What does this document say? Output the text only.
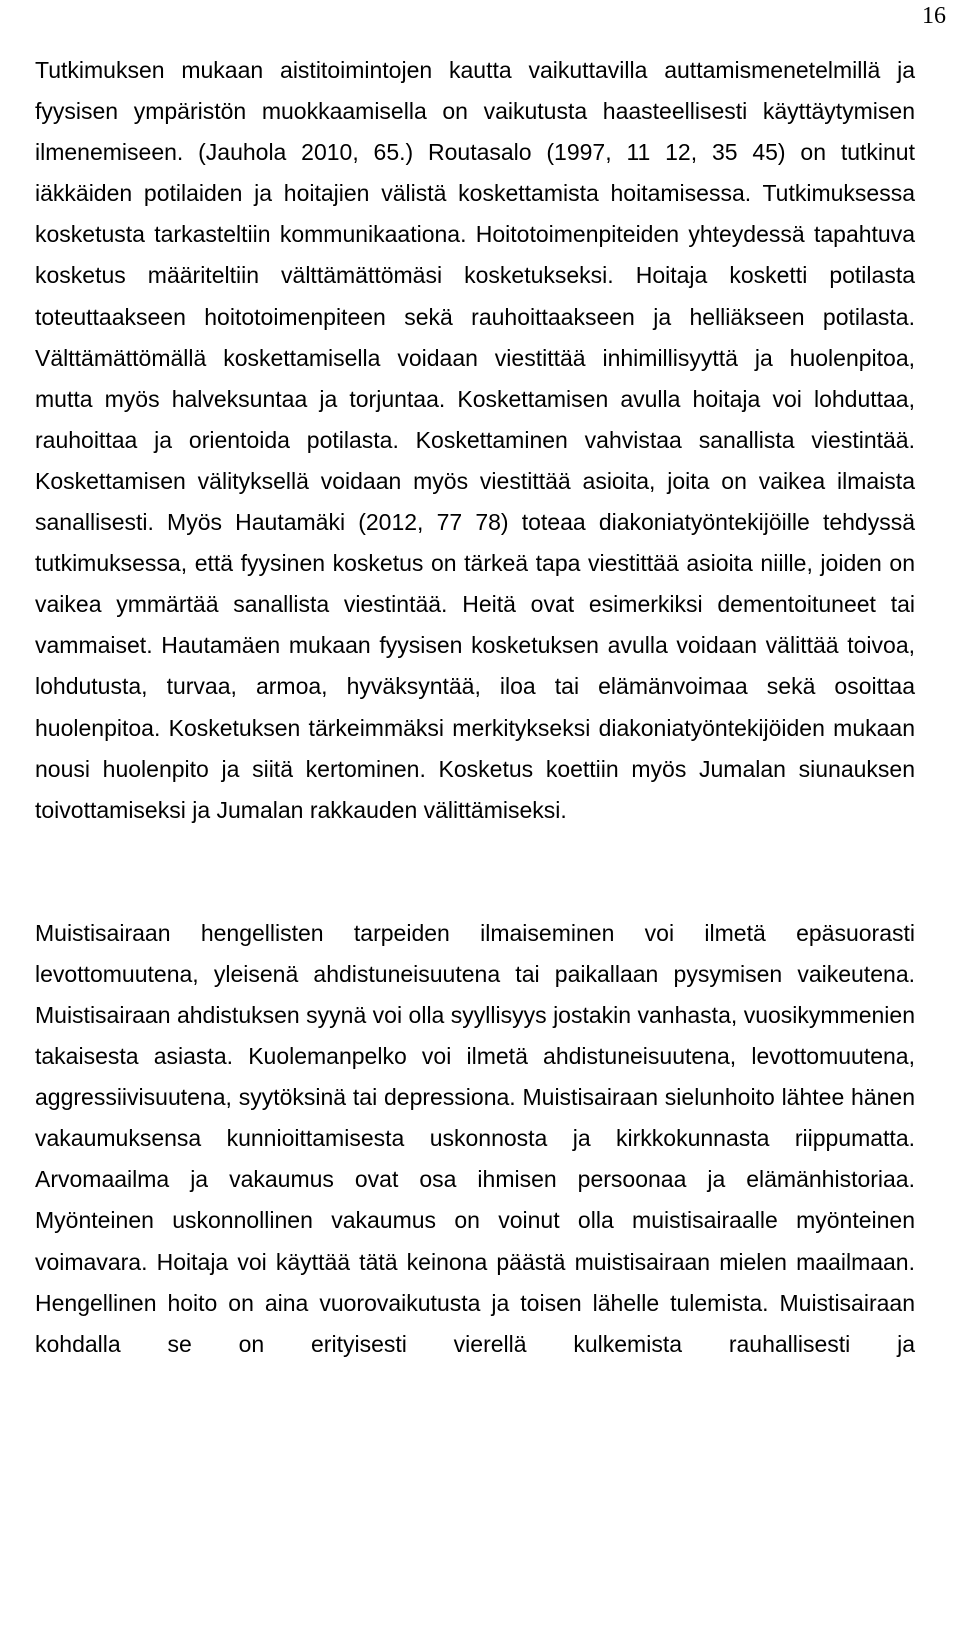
16

Tutkimuksen mukaan aistitoimintojen kautta vaikuttavilla auttamismenetelmillä ja fyysisen ympäristön muokkaamisella on vaikutusta haasteellisesti käyttäytymisen ilmenemiseen. (Jauhola 2010, 65.) Routasalo (1997, 11 12, 35 45) on tutkinut iäkkäiden potilaiden ja hoitajien välistä koskettamista hoitamisessa. Tutkimuksessa kosketusta tarkasteltiin kommunikaationa. Hoitotoimenpiteiden yhteydessä tapahtuva kosketus määriteltiin välttämättömäsi kosketukseksi. Hoitaja kosketti potilasta toteuttaakseen hoitotoimenpiteen sekä rauhoittaakseen ja helliäkseen potilasta. Välttämättömällä koskettamisella voidaan viestittää inhimillisyyttä ja huolenpitoa, mutta myös halveksuntaa ja torjuntaa. Koskettamisen avulla hoitaja voi lohduttaa, rauhoittaa ja orientoida potilasta. Koskettaminen vahvistaa sanallista viestintää. Koskettamisen välityksellä voidaan myös viestittää asioita, joita on vaikea ilmaista sanallisesti. Myös Hautamäki (2012, 77 78) toteaa diakoniatyöntekijöille tehdyssä tutkimuksessa, että fyysinen kosketus on tärkeä tapa viestittää asioita niille, joiden on vaikea ymmärtää sanallista viestintää. Heitä ovat esimerkiksi dementoituneet tai vammaiset. Hautamäen mukaan fyysisen kosketuksen avulla voidaan välittää toivoa, lohdutusta, turvaa, armoa, hyväksyntää, iloa tai elämänvoimaa sekä osoittaa huolenpitoa. Kosketuksen tärkeimmäksi merkitykseksi diakoniatyöntekijöiden mukaan nousi huolenpito ja siitä kertominen. Kosketus koettiin myös Jumalan siunauksen toivottamiseksi ja Jumalan rakkauden välittämiseksi.

Muistisairaan hengellisten tarpeiden ilmaiseminen voi ilmetä epäsuorasti levottomuutena, yleisenä ahdistuneisuutena tai paikallaan pysymisen vaikeutena. Muistisairaan ahdistuksen syynä voi olla syyllisyys jostakin vanhasta, vuosikymmenien takaisesta asiasta. Kuolemanpelko voi ilmetä ahdistuneisuutena, levottomuutena, aggressiivisuutena, syytöksinä tai depressiona. Muistisairaan sielunhoito lähtee hänen vakaumuksensa kunnioittamisesta uskonnosta ja kirkkokunnasta riippumatta. Arvomaailma ja vakaumus ovat osa ihmisen persoonaa ja elämänhistoriaa. Myönteinen uskonnollinen vakaumus on voinut olla muistisairaalle myönteinen voimavara. Hoitaja voi käyttää tätä keinona päästä muistisairaan mielen maailmaan. Hengellinen hoito on aina vuorovaikutusta ja toisen lähelle tulemista. Muistisairaan kohdalla se on erityisesti vierellä kulkemista rauhallisesti ja
